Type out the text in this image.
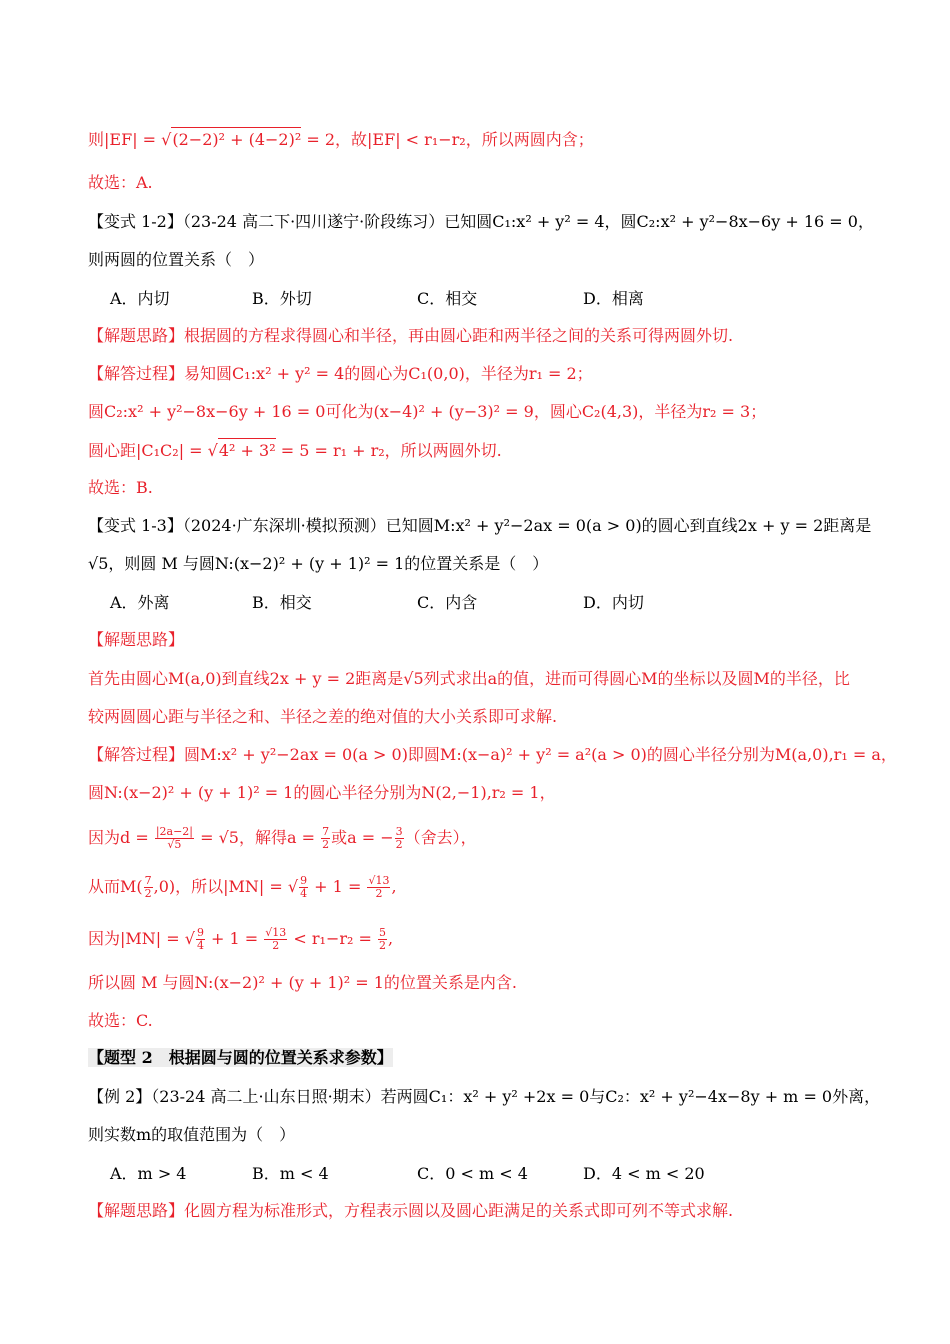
则|EF| = √(2−2)² + (4−2)² = 2，故|EF| < r₁−r₂，所以两圆内含；
故选：A.
【变式 1-2】（23-24 高二下·四川遂宁·阶段练习）已知圆C₁:x² + y² = 4，圆C₂:x² + y²−8x−6y + 16 = 0，
则两圆的位置关系（　）
A．内切	B．外切	C．相交	D．相离
【解题思路】根据圆的方程求得圆心和半径，再由圆心距和两半径之间的关系可得两圆外切.
【解答过程】易知圆C₁:x² + y² = 4的圆心为C₁(0,0)，半径为r₁ = 2；
圆C₂:x² + y²−8x−6y + 16 = 0可化为(x−4)² + (y−3)² = 9，圆心C₂(4,3)，半径为r₂ = 3；
圆心距|C₁C₂| = √4² + 3² = 5 = r₁ + r₂，所以两圆外切.
故选：B.
【变式 1-3】（2024·广东深圳·模拟预测）已知圆M:x² + y²−2ax = 0(a > 0)的圆心到直线2x + y = 2距离是
√5，则圆 M 与圆N:(x−2)² + (y + 1)² = 1的位置关系是（　）
A．外离	B．相交	C．内含	D．内切
【解题思路】
首先由圆心M(a,0)到直线2x + y = 2距离是√5列式求出a的值，进而可得圆心M的坐标以及圆M的半径，比
较两圆圆心距与半径之和、半径之差的绝对值的大小关系即可求解.
【解答过程】圆M:x² + y²−2ax = 0(a > 0)即圆M:(x−a)² + y² = a²(a > 0)的圆心半径分别为M(a,0),r₁ = a，
圆N:(x−2)² + (y + 1)² = 1的圆心半径分别为N(2,−1),r₂ = 1，
因为$d = \frac{|2a-2|}{√5} = √5$，解得$a = \frac{7}{2}$ 或a = − $\frac{3}{2}$ （舍去），
从而$M( \frac{7}{2} ,0)$，所以|MN| = √ $\frac{9}{4} + 1 = \frac{√13}{2}$ ,
因为|MN| = √ $\frac{9}{4} + 1 = \frac{√13}{2} < r_1-r_2 = \frac{5}{2}$ ,
所以圆 M 与圆N:(x−2)² + (y + 1)² = 1的位置关系是内含.
故选：C.
【题型 2　根据圆与圆的位置关系求参数】
【例 2】（23-24 高二上·山东日照·期末）若两圆C₁：x² + y² +2x = 0与C₂：x² + y²−4x−8y + m = 0外离，
则实数m的取值范围为（　）
A．m > 4	B．m < 4	C．0 < m < 4	D．4 < m < 20
【解题思路】化圆方程为标准形式，方程表示圆以及圆心距满足的关系式即可列不等式求解.
